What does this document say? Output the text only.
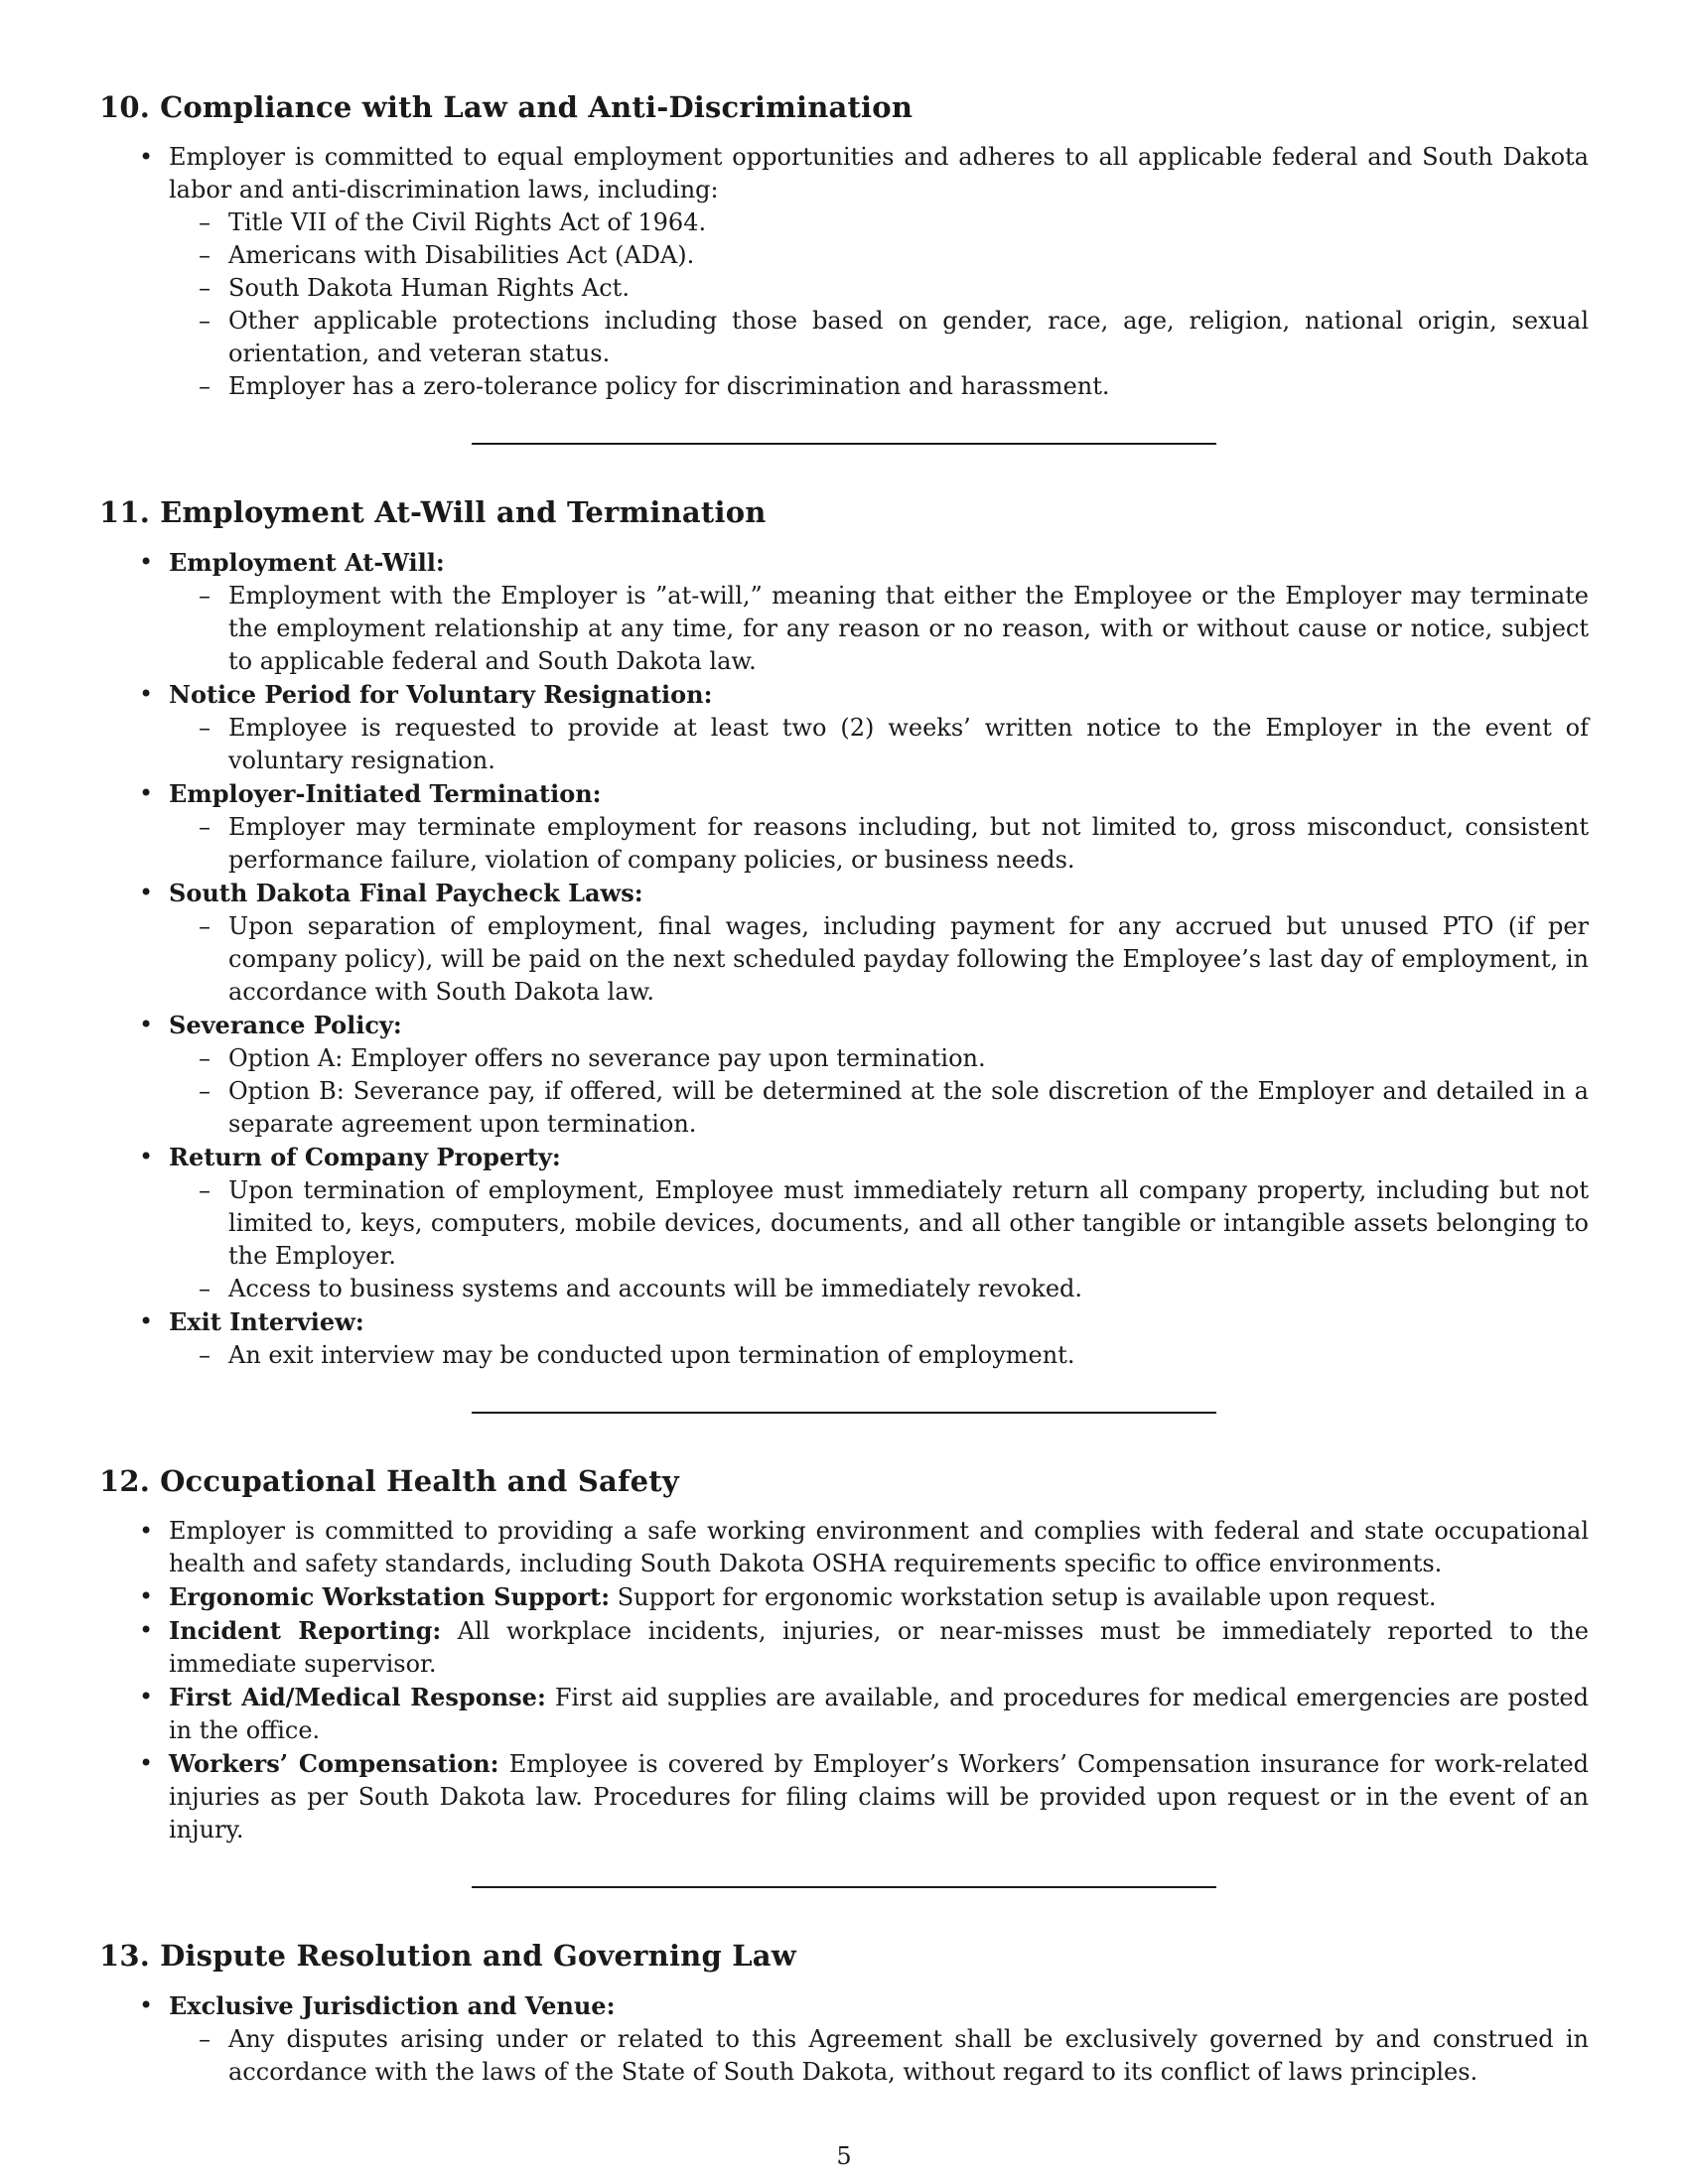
10. Compliance with Law and Anti-Discrimination
• Employer is committed to equal employment opportunities and adheres to all applicable federal and South Dakota labor and anti-discrimination laws, including:
– Title VII of the Civil Rights Act of 1964.
– Americans with Disabilities Act (ADA).
– South Dakota Human Rights Act.
– Other applicable protections including those based on gender, race, age, religion, national origin, sexual orientation, and veteran status.
– Employer has a zero-tolerance policy for discrimination and harassment.
11. Employment At-Will and Termination
• Employment At-Will:
– Employment with the Employer is ”at-will,” meaning that either the Employee or the Employer may terminate the employment relationship at any time, for any reason or no reason, with or without cause or notice, subject to applicable federal and South Dakota law.
• Notice Period for Voluntary Resignation:
– Employee is requested to provide at least two (2) weeks’ written notice to the Employer in the event of voluntary resignation.
• Employer-Initiated Termination:
– Employer may terminate employment for reasons including, but not limited to, gross misconduct, consistent performance failure, violation of company policies, or business needs.
• South Dakota Final Paycheck Laws:
– Upon separation of employment, final wages, including payment for any accrued but unused PTO (if per company policy), will be paid on the next scheduled payday following the Employee’s last day of employment, in accordance with South Dakota law.
• Severance Policy:
– Option A: Employer offers no severance pay upon termination.
– Option B: Severance pay, if offered, will be determined at the sole discretion of the Employer and detailed in a separate agreement upon termination.
• Return of Company Property:
– Upon termination of employment, Employee must immediately return all company property, including but not limited to, keys, computers, mobile devices, documents, and all other tangible or intangible assets belonging to the Employer.
– Access to business systems and accounts will be immediately revoked.
• Exit Interview:
– An exit interview may be conducted upon termination of employment.
12. Occupational Health and Safety
• Employer is committed to providing a safe working environment and complies with federal and state occupational health and safety standards, including South Dakota OSHA requirements specific to office environments.
• Ergonomic Workstation Support: Support for ergonomic workstation setup is available upon request.
• Incident Reporting: All workplace incidents, injuries, or near-misses must be immediately reported to the immediate supervisor.
• First Aid/Medical Response: First aid supplies are available, and procedures for medical emergencies are posted in the office.
• Workers’ Compensation: Employee is covered by Employer’s Workers’ Compensation insurance for work-related injuries as per South Dakota law. Procedures for filing claims will be provided upon request or in the event of an injury.
13. Dispute Resolution and Governing Law
• Exclusive Jurisdiction and Venue:
– Any disputes arising under or related to this Agreement shall be exclusively governed by and construed in accordance with the laws of the State of South Dakota, without regard to its conflict of laws principles.
5
